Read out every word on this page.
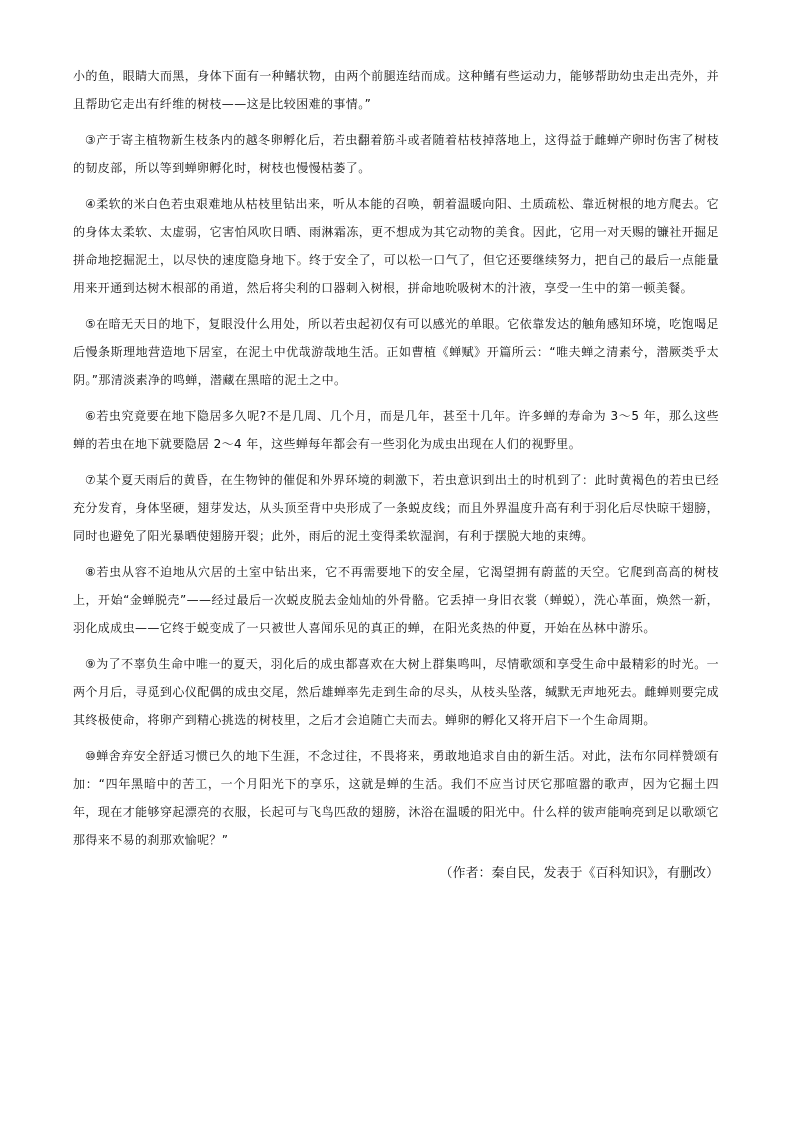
小的鱼，眼睛大而黑，身体下面有一种鳍状物，由两个前腿连结而成。这种鳍有些运动力，能够帮助幼虫走出壳外，并且帮助它走出有纤维的树枝——这是比较困难的事情。”

③产于寄主植物新生枝条内的越冬卵孵化后，若虫翻着筋斗或者随着枯枝掉落地上，这得益于雌蝉产卵时伤害了树枝的韧皮部，所以等到蝉卵孵化时，树枝也慢慢枯萎了。

④柔软的米白色若虫艰难地从枯枝里钻出来，听从本能的召唤，朝着温暖向阳、土质疏松、靠近树根的地方爬去。它的身体太柔软、太虚弱，它害怕风吹日晒、雨淋霜冻，更不想成为其它动物的美食。因此，它用一对天赐的镰社开掘足拼命地挖掘泥土，以尽快的速度隐身地下。终于安全了，可以松一口气了，但它还要继续努力，把自己的最后一点能量用来开通到达树木根部的甬道，然后将尖利的口器刺入树根，拼命地吮吸树木的汁液，享受一生中的第一顿美餐。

⑤在暗无天日的地下，复眼没什么用处，所以若虫起初仅有可以感光的单眼。它依靠发达的触角感知环境，吃饱喝足后慢条斯理地营造地下居室，在泥土中优哉游哉地生活。正如曹植《蝉赋》开篇所云：“唯夫蝉之清素兮，潜厥类乎太阴。”那清淡素净的鸣蝉，潜藏在黑暗的泥土之中。

⑥若虫究竟要在地下隐居多久呢?不是几周、几个月，而是几年，甚至十几年。许多蝉的寿命为 3～5 年，那么这些蝉的若虫在地下就要隐居 2～4 年，这些蝉每年都会有一些羽化为成虫出现在人们的视野里。

⑦某个夏天雨后的黄昏，在生物钟的催促和外界环境的刺激下，若虫意识到出土的时机到了：此时黄褐色的若虫已经充分发育，身体坚硬，翅芽发达，从头顶至背中央形成了一条蜕皮线；而且外界温度升高有利于羽化后尽快晾干翅膀，同时也避免了阳光暴晒使翅膀开裂；此外，雨后的泥土变得柔软湿润，有利于摆脱大地的束缚。

⑧若虫从容不迫地从穴居的土室中钻出来，它不再需要地下的安全屋，它渴望拥有蔚蓝的天空。它爬到高高的树枝上，开始“金蝉脱壳”——经过最后一次蜕皮脱去金灿灿的外骨骼。它丢掉一身旧衣裳（蝉蜕），洗心革面，焕然一新，羽化成成虫——它终于蜕变成了一只被世人喜闻乐见的真正的蝉，在阳光炙热的仲夏，开始在丛林中游乐。

⑨为了不辜负生命中唯一的夏天，羽化后的成虫都喜欢在大树上群集鸣叫，尽情歌颂和享受生命中最精彩的时光。一两个月后，寻觅到心仪配偶的成虫交尾，然后雄蝉率先走到生命的尽头，从枝头坠落，缄默无声地死去。雌蝉则要完成其终极使命，将卵产到精心挑选的树枝里，之后才会追随亡夫而去。蝉卵的孵化又将开启下一个生命周期。

⑩蝉舍弃安全舒适习惯已久的地下生涯，不念过往，不畏将来，勇敢地追求自由的新生活。对此，法布尔同样赞颂有加：“四年黑暗中的苦工，一个月阳光下的享乐，这就是蝉的生活。我们不应当讨厌它那喧嚣的歌声，因为它掘土四年，现在才能够穿起漂亮的衣服，长起可与飞鸟匹敌的翅膀，沐浴在温暖的阳光中。什么样的钹声能响亮到足以歌颂它那得来不易的刹那欢愉呢？”

（作者：秦自民，发表于《百科知识》，有删改）
